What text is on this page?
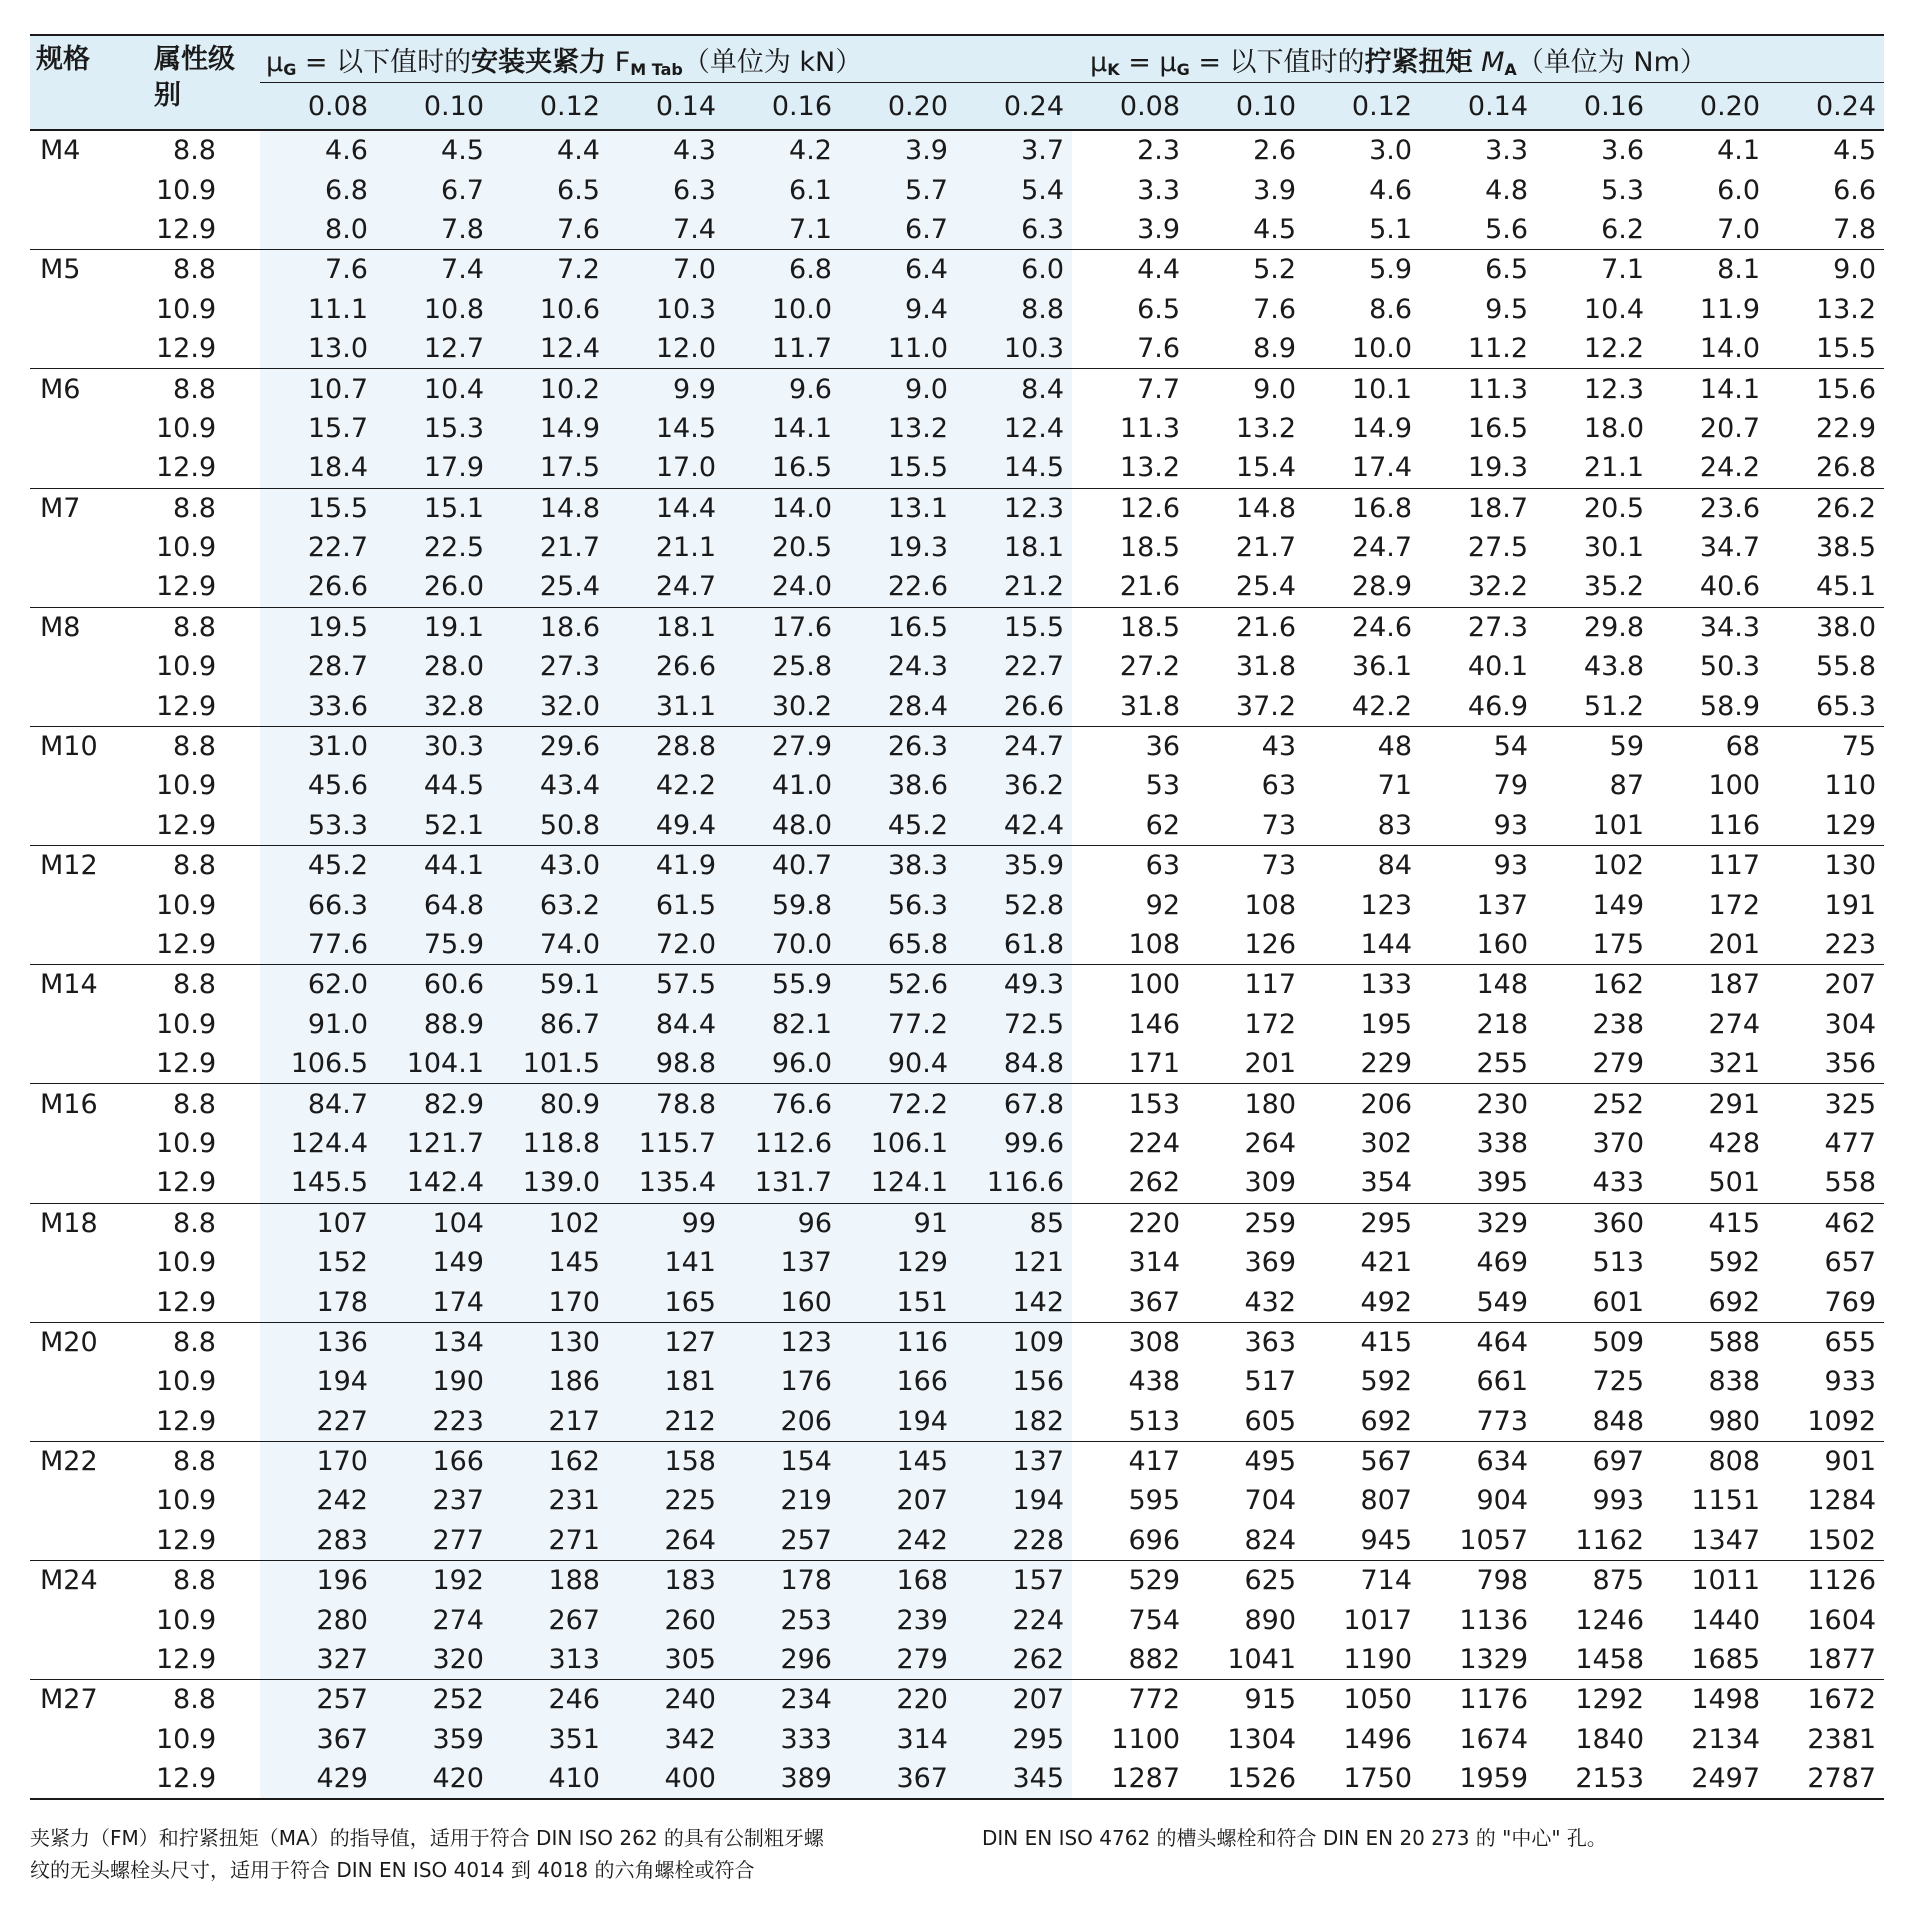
规格	属性级
别	$\mu_G$ = 以下值时的安装夹紧力 $F_{M Tab}$（单位为 kN）							$\mu_K = \mu_G$ = 以下值时的拧紧扭矩 $M_A$（单位为 Nm）						
		0.08	0.10	0.12	0.14	0.16	0.20	0.24	0.08	0.10	0.12	0.14	0.16	0.20	0.24
M4	8.8	4.6	4.5	4.4	4.3	4.2	3.9	3.7	2.3	2.6	3.0	3.3	3.6	4.1	4.5
	10.9	6.8	6.7	6.5	6.3	6.1	5.7	5.4	3.3	3.9	4.6	4.8	5.3	6.0	6.6
	12.9	8.0	7.8	7.6	7.4	7.1	6.7	6.3	3.9	4.5	5.1	5.6	6.2	7.0	7.8
M5	8.8	7.6	7.4	7.2	7.0	6.8	6.4	6.0	4.4	5.2	5.9	6.5	7.1	8.1	9.0
	10.9	11.1	10.8	10.6	10.3	10.0	9.4	8.8	6.5	7.6	8.6	9.5	10.4	11.9	13.2
	12.9	13.0	12.7	12.4	12.0	11.7	11.0	10.3	7.6	8.9	10.0	11.2	12.2	14.0	15.5
M6	8.8	10.7	10.4	10.2	9.9	9.6	9.0	8.4	7.7	9.0	10.1	11.3	12.3	14.1	15.6
	10.9	15.7	15.3	14.9	14.5	14.1	13.2	12.4	11.3	13.2	14.9	16.5	18.0	20.7	22.9
	12.9	18.4	17.9	17.5	17.0	16.5	15.5	14.5	13.2	15.4	17.4	19.3	21.1	24.2	26.8
M7	8.8	15.5	15.1	14.8	14.4	14.0	13.1	12.3	12.6	14.8	16.8	18.7	20.5	23.6	26.2
	10.9	22.7	22.5	21.7	21.1	20.5	19.3	18.1	18.5	21.7	24.7	27.5	30.1	34.7	38.5
	12.9	26.6	26.0	25.4	24.7	24.0	22.6	21.2	21.6	25.4	28.9	32.2	35.2	40.6	45.1
M8	8.8	19.5	19.1	18.6	18.1	17.6	16.5	15.5	18.5	21.6	24.6	27.3	29.8	34.3	38.0
	10.9	28.7	28.0	27.3	26.6	25.8	24.3	22.7	27.2	31.8	36.1	40.1	43.8	50.3	55.8
	12.9	33.6	32.8	32.0	31.1	30.2	28.4	26.6	31.8	37.2	42.2	46.9	51.2	58.9	65.3
M10	8.8	31.0	30.3	29.6	28.8	27.9	26.3	24.7	36	43	48	54	59	68	75
	10.9	45.6	44.5	43.4	42.2	41.0	38.6	36.2	53	63	71	79	87	100	110
	12.9	53.3	52.1	50.8	49.4	48.0	45.2	42.4	62	73	83	93	101	116	129
M12	8.8	45.2	44.1	43.0	41.9	40.7	38.3	35.9	63	73	84	93	102	117	130
	10.9	66.3	64.8	63.2	61.5	59.8	56.3	52.8	92	108	123	137	149	172	191
	12.9	77.6	75.9	74.0	72.0	70.0	65.8	61.8	108	126	144	160	175	201	223
M14	8.8	62.0	60.6	59.1	57.5	55.9	52.6	49.3	100	117	133	148	162	187	207
	10.9	91.0	88.9	86.7	84.4	82.1	77.2	72.5	146	172	195	218	238	274	304
	12.9	106.5	104.1	101.5	98.8	96.0	90.4	84.8	171	201	229	255	279	321	356
M16	8.8	84.7	82.9	80.9	78.8	76.6	72.2	67.8	153	180	206	230	252	291	325
	10.9	124.4	121.7	118.8	115.7	112.6	106.1	99.6	224	264	302	338	370	428	477
	12.9	145.5	142.4	139.0	135.4	131.7	124.1	116.6	262	309	354	395	433	501	558
M18	8.8	107	104	102	99	96	91	85	220	259	295	329	360	415	462
	10.9	152	149	145	141	137	129	121	314	369	421	469	513	592	657
	12.9	178	174	170	165	160	151	142	367	432	492	549	601	692	769
M20	8.8	136	134	130	127	123	116	109	308	363	415	464	509	588	655
	10.9	194	190	186	181	176	166	156	438	517	592	661	725	838	933
	12.9	227	223	217	212	206	194	182	513	605	692	773	848	980	1092
M22	8.8	170	166	162	158	154	145	137	417	495	567	634	697	808	901
	10.9	242	237	231	225	219	207	194	595	704	807	904	993	1151	1284
	12.9	283	277	271	264	257	242	228	696	824	945	1057	1162	1347	1502
M24	8.8	196	192	188	183	178	168	157	529	625	714	798	875	1011	1126
	10.9	280	274	267	260	253	239	224	754	890	1017	1136	1246	1440	1604
	12.9	327	320	313	305	296	279	262	882	1041	1190	1329	1458	1685	1877
M27	8.8	257	252	246	240	234	220	207	772	915	1050	1176	1292	1498	1672
	10.9	367	359	351	342	333	314	295	1100	1304	1496	1674	1840	2134	2381
	12.9	429	420	410	400	389	367	345	1287	1526	1750	1959	2153	2497	2787
夹紧力（FM）和拧紧扭矩（MA）的指导值，适用于符合 DIN ISO 262 的具有公制粗牙螺
纹的无头螺栓头尺寸，适用于符合 DIN EN ISO 4014 到 4018 的六角螺栓或符合
DIN EN ISO 4762 的槽头螺栓和符合 DIN EN 20 273 的 "中心" 孔。
